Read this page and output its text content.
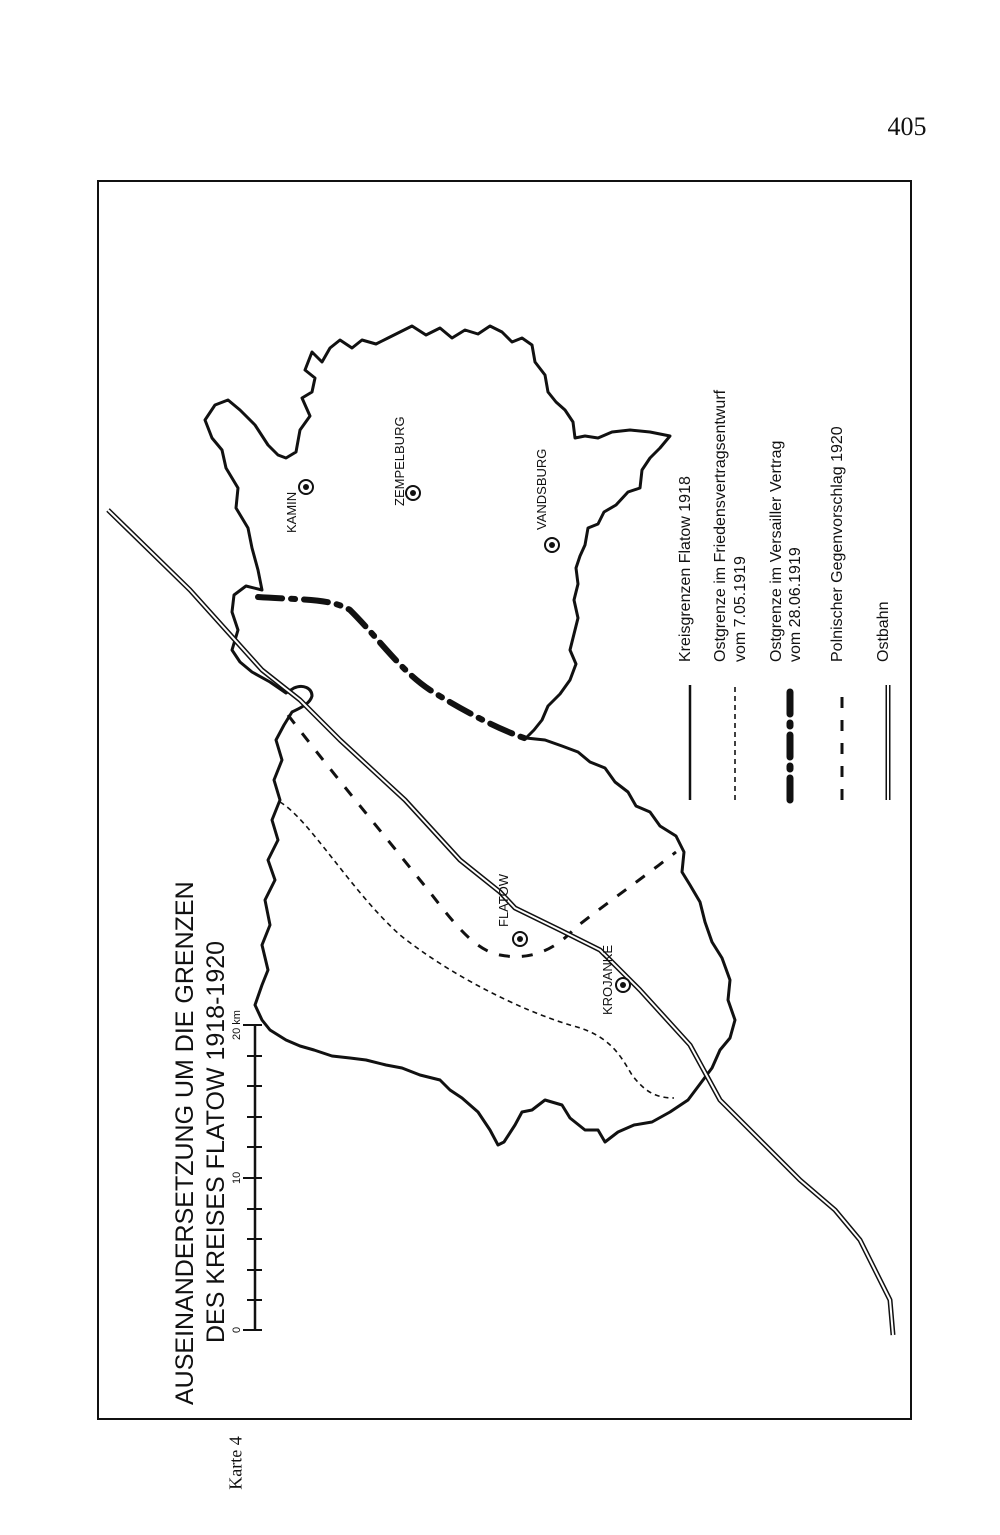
405
Karte 4
KAMIN
ZEMPELBURG	VANDSBURG
FLATOW
KROJANKE
AUSEINANDERSETZUNG UM DIE GRENZEN DES KREISES FLATOW 1918-1920 0
10
20 km
Kreisgrenzen Flatow 1918 Ostgrenze im Friedensvertragsentwurf vom 7.05.1919 Ostgrenze im Versailler Vertrag vom 28.06.1919 Polnischer Gegenvorschlag 1920 Ostbahn
